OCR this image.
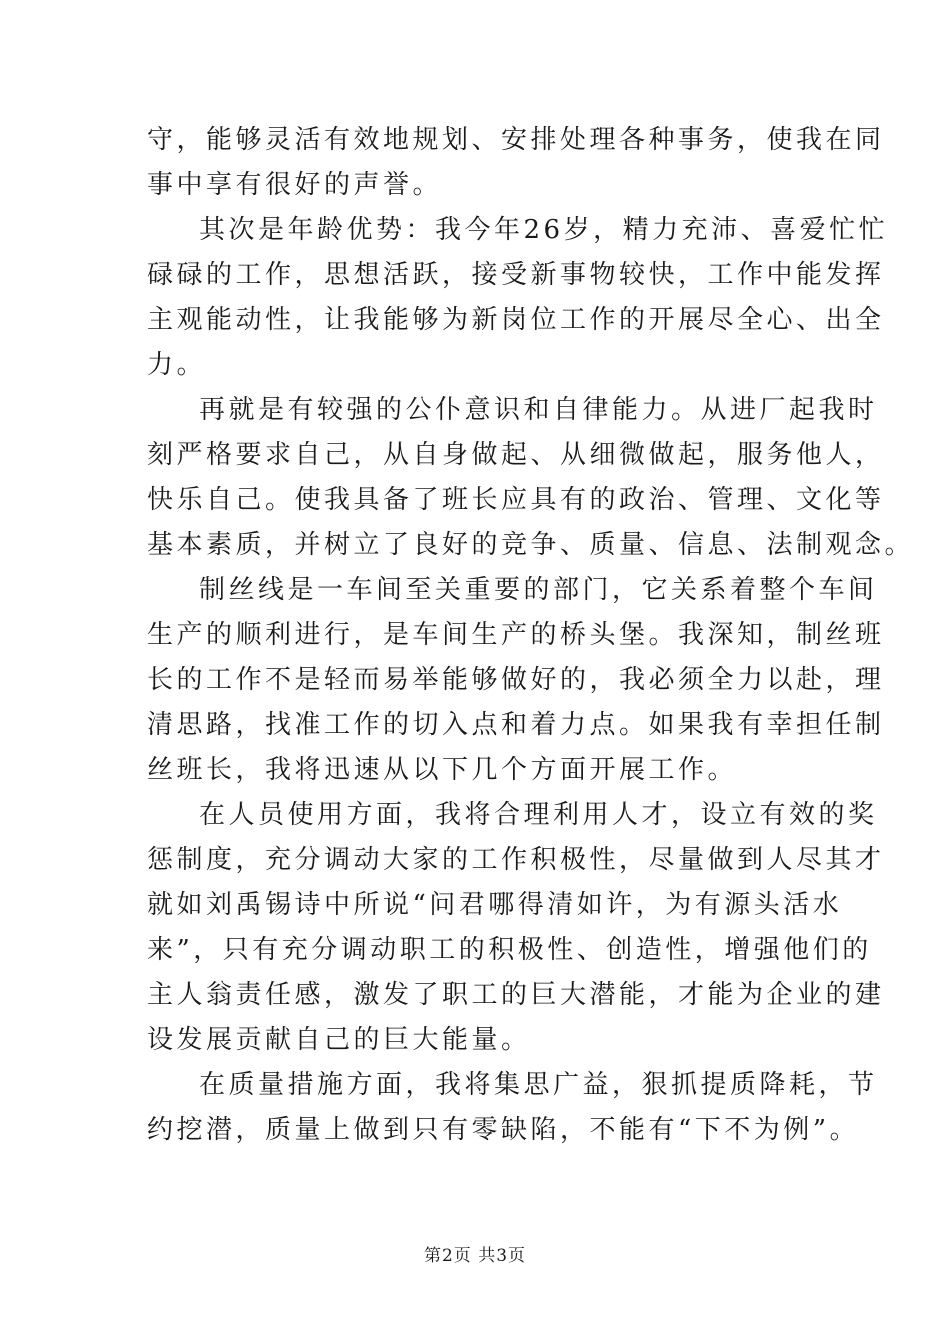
守，能够灵活有效地规划、安排处理各种事务，使我在同
事中享有很好的声誉。
其次是年龄优势：我今年26岁，精力充沛、喜爱忙忙
碌碌的工作，思想活跃，接受新事物较快，工作中能发挥
主观能动性，让我能够为新岗位工作的开展尽全心、出全
力。
再就是有较强的公仆意识和自律能力。从进厂起我时
刻严格要求自己，从自身做起、从细微做起，服务他人，
快乐自己。使我具备了班长应具有的政治、管理、文化等
基本素质，并树立了良好的竞争、质量、信息、法制观念。
制丝线是一车间至关重要的部门，它关系着整个车间
生产的顺利进行，是车间生产的桥头堡。我深知，制丝班
长的工作不是轻而易举能够做好的，我必须全力以赴，理
清思路，找准工作的切入点和着力点。如果我有幸担任制
丝班长，我将迅速从以下几个方面开展工作。
在人员使用方面，我将合理利用人才，设立有效的奖
惩制度，充分调动大家的工作积极性，尽量做到人尽其才
就如刘禹锡诗中所说“问君哪得清如许，为有源头活水
来”，只有充分调动职工的积极性、创造性，增强他们的
主人翁责任感，激发了职工的巨大潜能，才能为企业的建
设发展贡献自己的巨大能量。
在质量措施方面，我将集思广益，狠抓提质降耗，节
约挖潜，质量上做到只有零缺陷，不能有“下不为例”。
第2页 共3页
